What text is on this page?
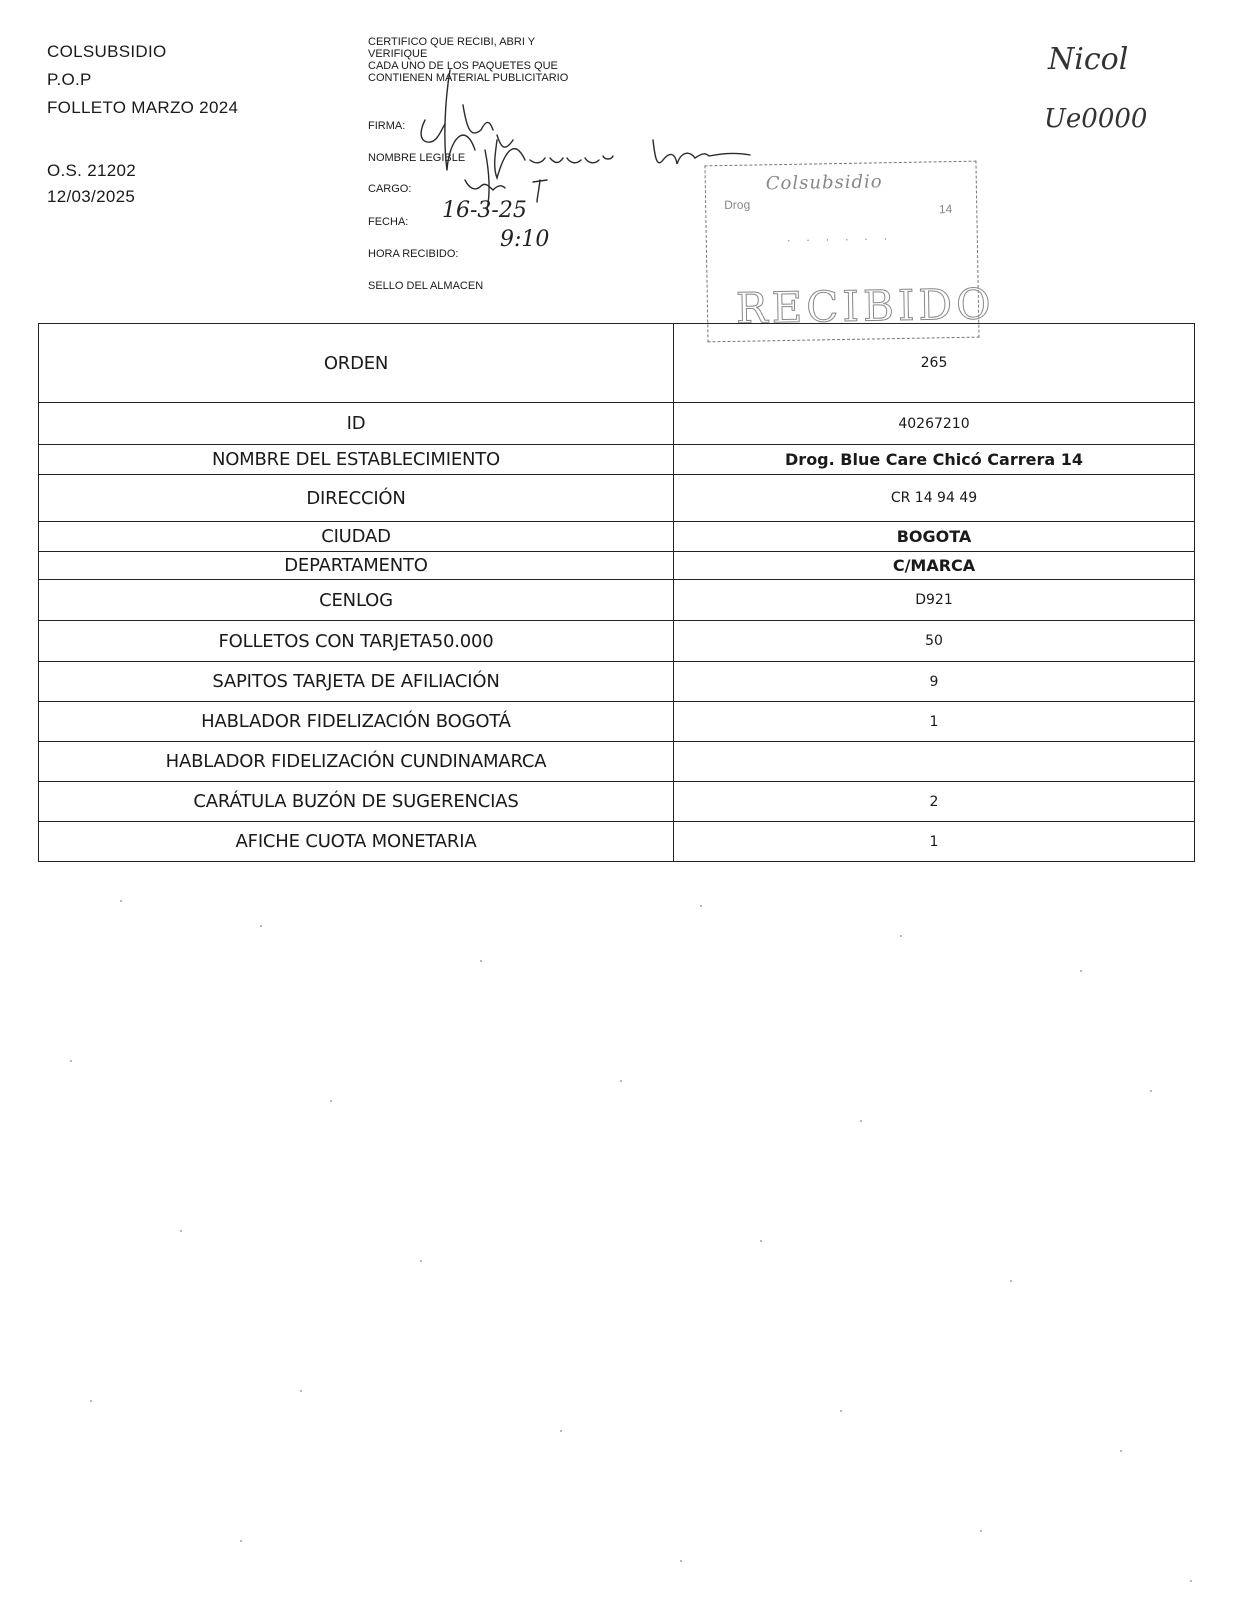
COLSUBSIDIO
P.O.P
FOLLETO MARZO 2024
O.S. 21202
12/03/2025
CERTIFICO QUE RECIBI, ABRI Y
VERIFIQUE
CADA UNO DE LOS PAQUETES QUE
CONTIENEN MATERIAL PUBLICITARIO
FIRMA:
NOMBRE LEGIBLE
CARGO:
FECHA:
HORA RECIBIDO:
SELLO DEL ALMACEN
16-3-25
9:10
Colsubsidio
Drog	14
· · · · · ·
RECIBIDO
Nicol
Ue0000
ORDEN	265
ID	40267210
NOMBRE DEL ESTABLECIMIENTO	Drog. Blue Care Chicó Carrera 14
DIRECCIÓN	CR 14 94 49
CIUDAD	BOGOTA
DEPARTAMENTO	C/MARCA
CENLOG	D921
FOLLETOS CON TARJETA50.000	50
SAPITOS TARJETA DE AFILIACIÓN	9
HABLADOR FIDELIZACIÓN BOGOTÁ	1
HABLADOR FIDELIZACIÓN CUNDINAMARCA	
CARÁTULA BUZÓN DE SUGERENCIAS	2
AFICHE CUOTA MONETARIA	1
